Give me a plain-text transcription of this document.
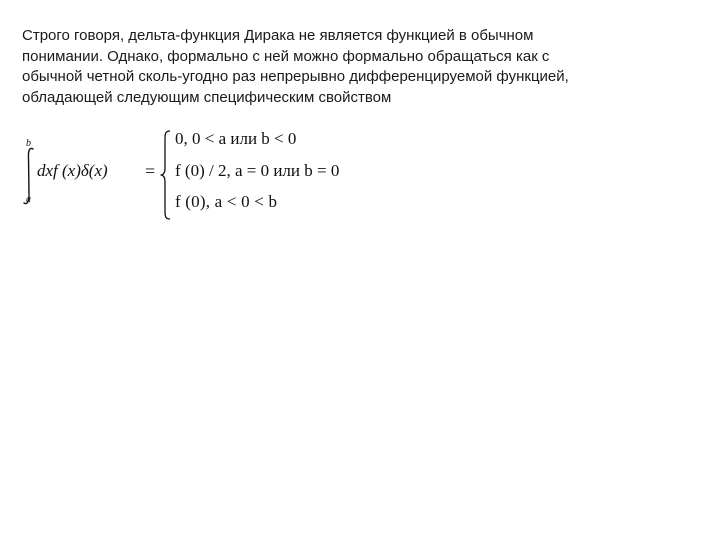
Строго говоря, дельта-функция Дирака не является функцией в обычном
понимании. Однако, формально с ней можно формально обращаться как с
обычной четной сколь-угодно раз непрерывно дифференцируемой функцией,
обладающей следующим специфическим свойством
b
a
dxf (x)δ(x) =
0, 0 < a или b < 0
f (0) / 2, a = 0 или b = 0
f (0), a < 0 < b
